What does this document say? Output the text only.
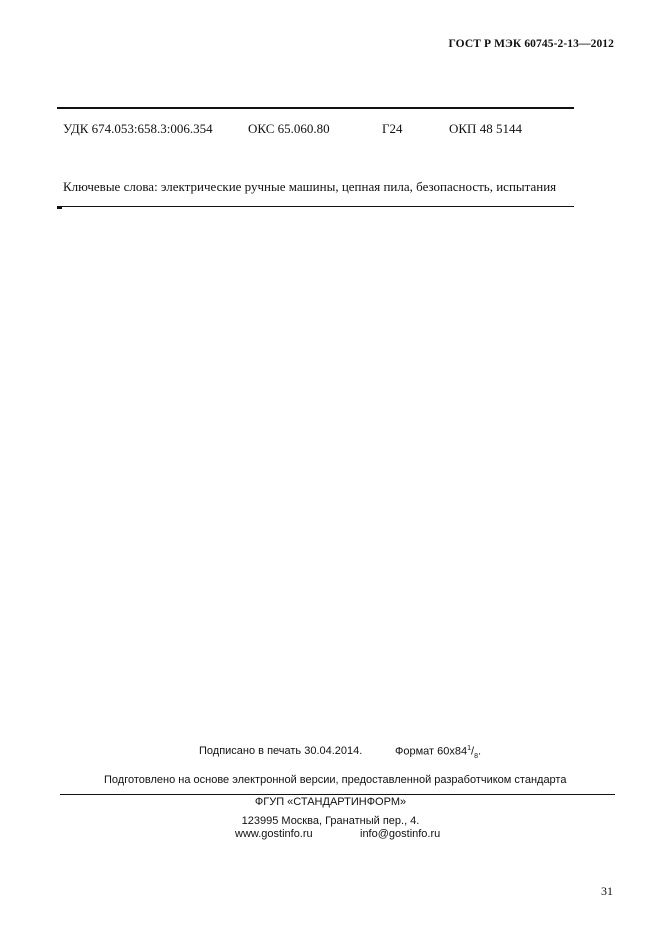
ГОСТ Р МЭК 60745-2-13—2012
УДК 674.053:658.3:006.354	ОКС 65.060.80	Г24	ОКП 48 5144
Ключевые слова: электрические ручные машины, цепная пила, безопасность, испытания
Подписано в печать 30.04.2014.	Формат $60х84^1/_8$.
Подготовлено на основе электронной версии, предоставленной разработчиком стандарта
ФГУП «СТАНДАРТИНФОРМ»
123995 Москва, Гранатный пер., 4.
www.gostinfo.ru	info@gostinfo.ru
31
